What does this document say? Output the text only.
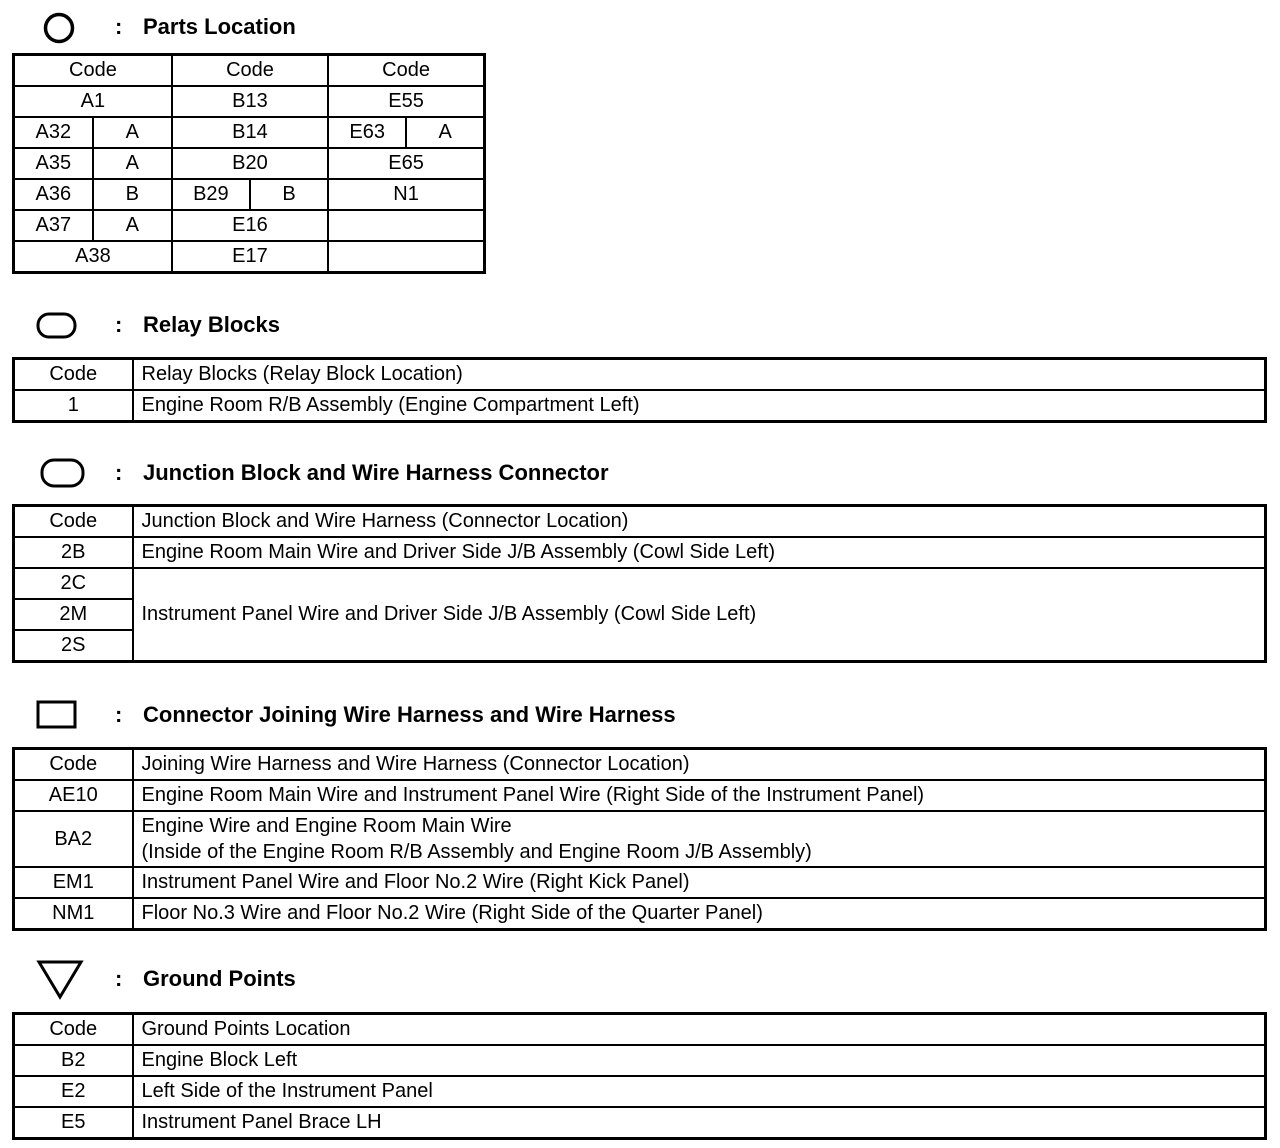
: Parts Location
Code		Code		Code	
A1		B13		E55	
A32	A	B14		E63	A
A35	A	B20		E65	
A36	B	B29	B	N1	
A37	A	E16			
A38		E17			
: Relay Blocks
Code	Relay Blocks (Relay Block Location)
1	Engine Room R/B Assembly (Engine Compartment Left)
: Junction Block and Wire Harness Connector
Code	Junction Block and Wire Harness (Connector Location)
2B	Engine Room Main Wire and Driver Side J/B Assembly (Cowl Side Left)
2C	Instrument Panel Wire and Driver Side J/B Assembly (Cowl Side Left)
2M	
2S	
: Connector Joining Wire Harness and Wire Harness
Code	Joining Wire Harness and Wire Harness (Connector Location)
AE10	Engine Room Main Wire and Instrument Panel Wire (Right Side of the Instrument Panel)
BA2	Engine Wire and Engine Room Main Wire
(Inside of the Engine Room R/B Assembly and Engine Room J/B Assembly)

EM1	Instrument Panel Wire and Floor No.2 Wire (Right Kick Panel)
NM1	Floor No.3 Wire and Floor No.2 Wire (Right Side of the Quarter Panel)
: Ground Points
Code	Ground Points Location
B2	Engine Block Left
E2	Left Side of the Instrument Panel
E5	Instrument Panel Brace LH
